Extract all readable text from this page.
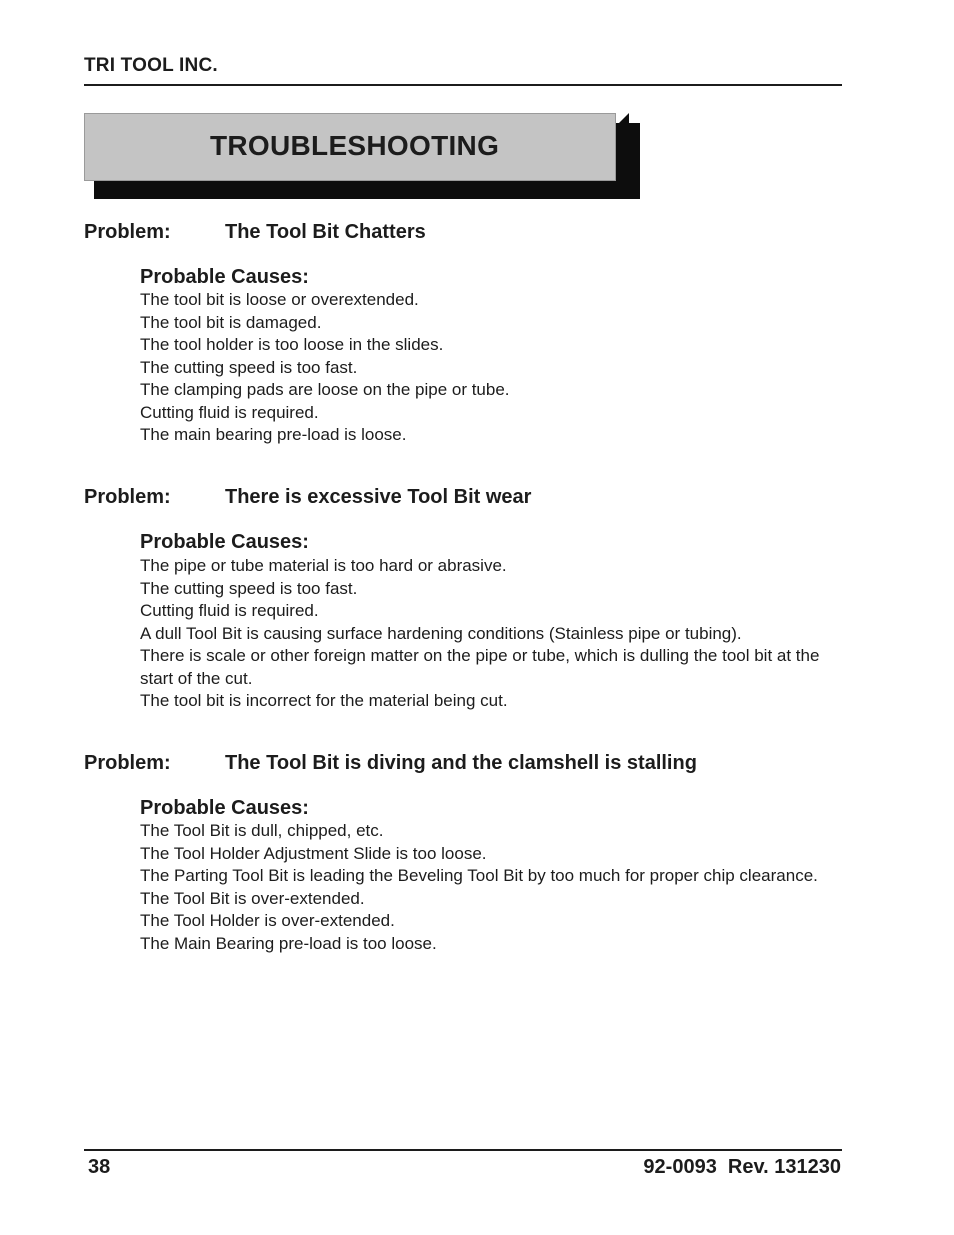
TRI TOOL INC.
TROUBLESHOOTING
Problem:	The Tool Bit Chatters
Probable Causes:
The tool bit is loose or overextended.
The tool bit is damaged.
The tool holder is too loose in the slides.
The cutting speed is too fast.
The clamping pads are loose on the pipe or tube.
Cutting fluid is required.
The main bearing pre-load is loose.
Problem:	There is excessive Tool Bit wear
Probable Causes:
The pipe or tube material is too hard or abrasive.
The cutting speed is too fast.
Cutting fluid is required.
A dull Tool Bit is causing surface hardening conditions (Stainless pipe or tubing).
There is scale or other foreign matter on the pipe or tube, which is dulling the tool bit at the start of the cut.
The tool bit is incorrect for the material being cut.
Problem:	The Tool Bit is diving and the clamshell is stalling
Probable Causes:
The Tool Bit is dull, chipped, etc.
The Tool Holder Adjustment Slide is too loose.
The Parting Tool Bit is leading the Beveling Tool Bit by too much for proper chip clearance.
The Tool Bit is over-extended.
The Tool Holder is over-extended.
The Main Bearing pre-load is too loose.
38	92-0093  Rev. 131230
